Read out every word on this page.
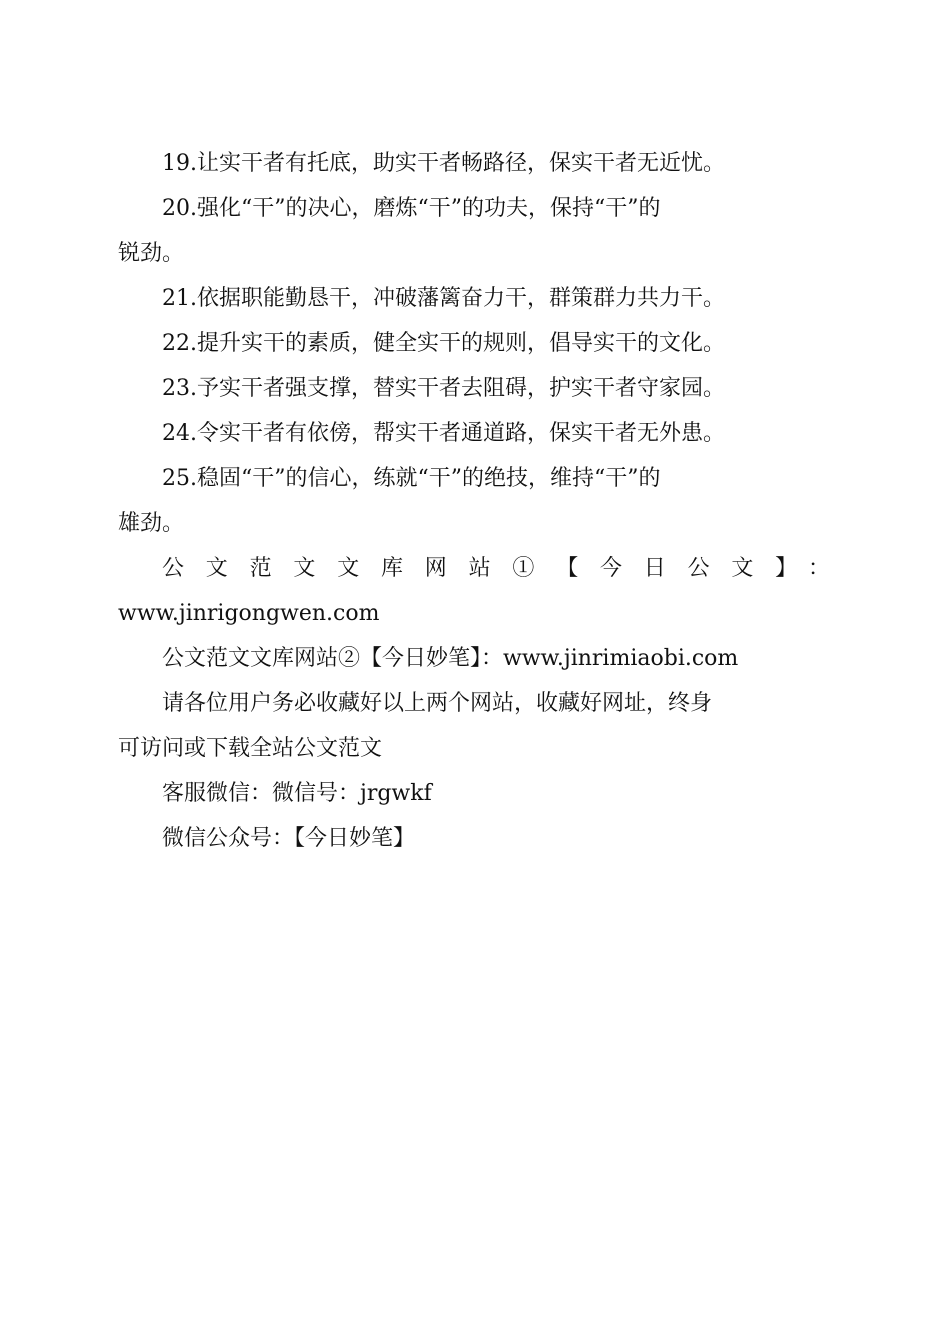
19.让实干者有托底，助实干者畅路径，保实干者无近忧。

20.强化“干”的决心，磨炼“干”的功夫，保持“干”的
锐劲。

21.依据职能勤恳干，冲破藩篱奋力干，群策群力共力干。

22.提升实干的素质，健全实干的规则，倡导实干的文化。

23.予实干者强支撑，替实干者去阻碍，护实干者守家园。

24.令实干者有依傍，帮实干者通道路，保实干者无外患。

25.稳固“干”的信心，练就“干”的绝技，维持“干”的
雄劲。

公文范文文库网站①【今日公文】：
www.jinrigongwen.com

公文范文文库网站②【今日妙笔】：www.jinrimiaobi.com

请各位用户务必收藏好以上两个网站，收藏好网址，终身
可访问或下载全站公文范文

客服微信：微信号：jrgwkf

微信公众号：【今日妙笔】
